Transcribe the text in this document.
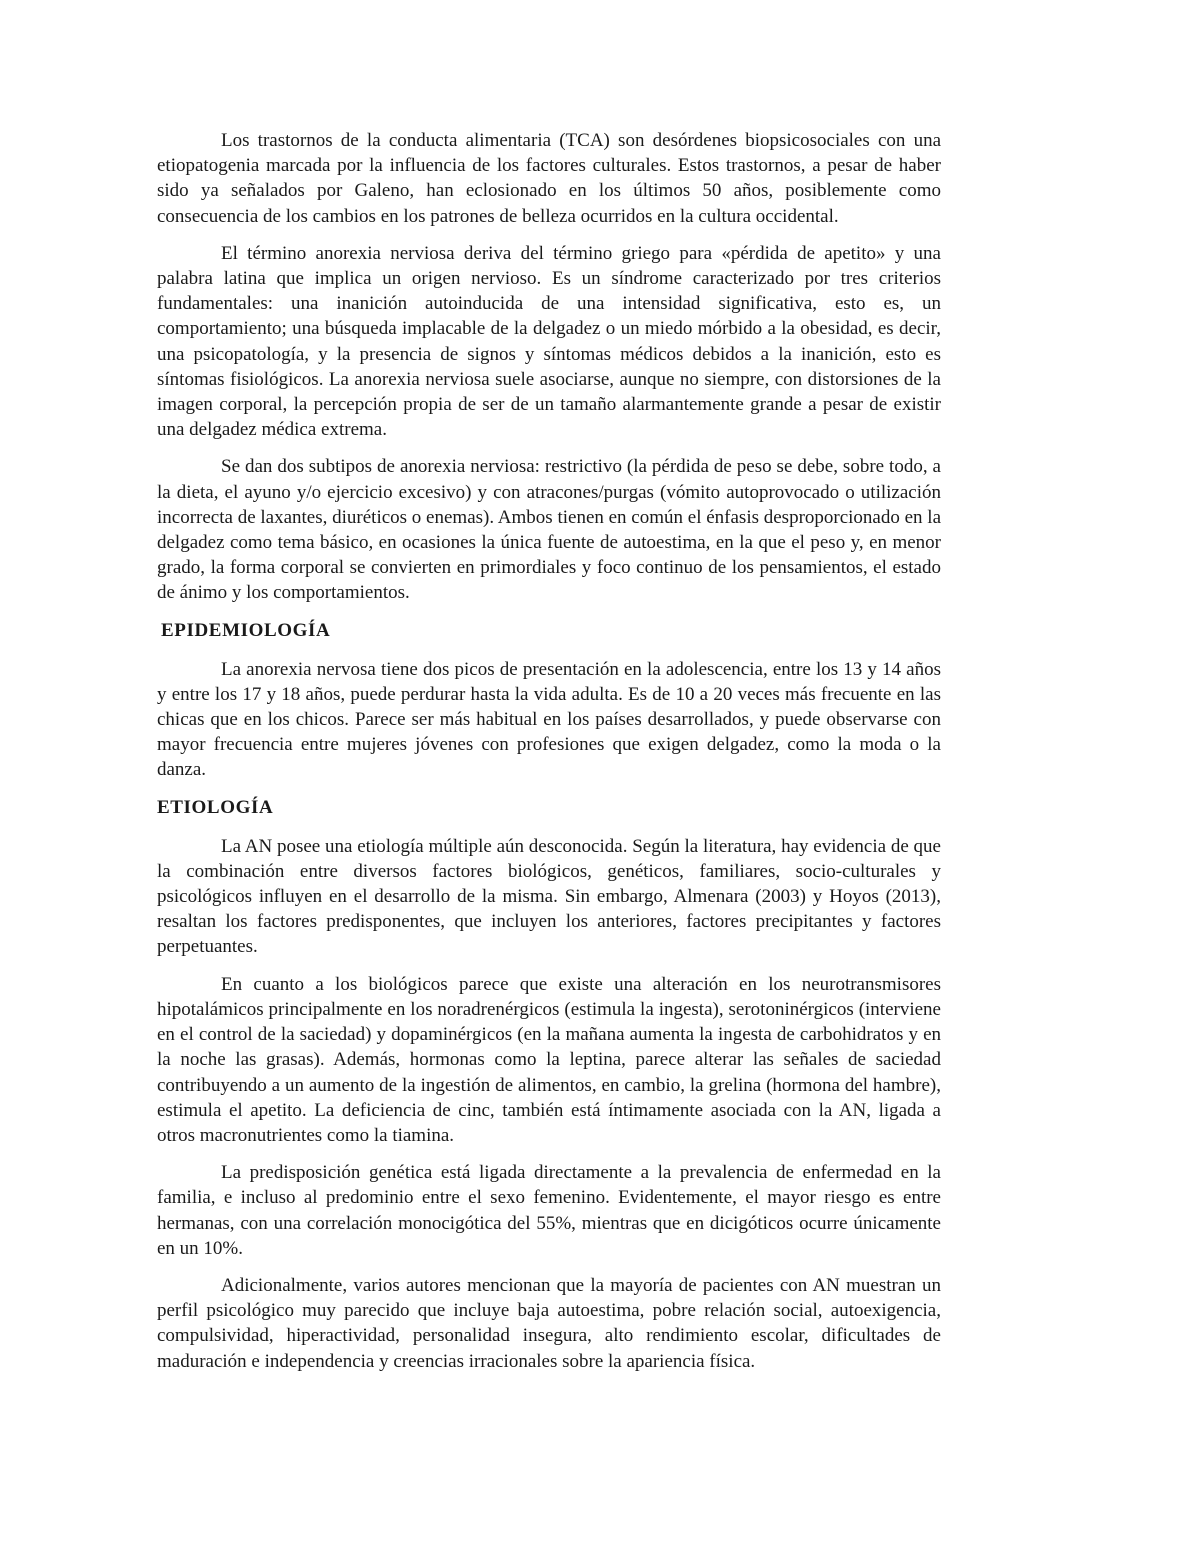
Los trastornos de la conducta alimentaria (TCA) son desórdenes biopsicosociales con una etiopatogenia marcada por la influencia de los factores culturales. Estos trastornos, a pesar de haber sido ya señalados por Galeno, han eclosionado en los últimos 50 años, posiblemente como consecuencia de los cambios en los patrones de belleza ocurridos en la cultura occidental.

El término anorexia nerviosa deriva del término griego para «pérdida de apetito» y una palabra latina que implica un origen nervioso. Es un síndrome caracterizado por tres criterios fundamentales: una inanición autoinducida de una intensidad significativa, esto es, un comportamiento; una búsqueda implacable de la delgadez o un miedo mórbido a la obesidad, es decir, una psicopatología, y la presencia de signos y síntomas médicos debidos a la inanición, esto es síntomas fisiológicos. La anorexia nerviosa suele asociarse, aunque no siempre, con distorsiones de la imagen corporal, la percepción propia de ser de un tamaño alarmantemente grande a pesar de existir una delgadez médica extrema.

Se dan dos subtipos de anorexia nerviosa: restrictivo (la pérdida de peso se debe, sobre todo, a la dieta, el ayuno y/o ejercicio excesivo) y con atracones/purgas (vómito autoprovocado o utilización incorrecta de laxantes, diuréticos o enemas). Ambos tienen en común el énfasis desproporcionado en la delgadez como tema básico, en ocasiones la única fuente de autoestima, en la que el peso y, en menor grado, la forma corporal se convierten en primordiales y foco continuo de los pensamientos, el estado de ánimo y los comportamientos.

EPIDEMIOLOGÍA

La anorexia nervosa tiene dos picos de presentación en la adolescencia, entre los 13 y 14 años y entre los 17 y 18 años, puede perdurar hasta la vida adulta. Es de 10 a 20 veces más frecuente en las chicas que en los chicos. Parece ser más habitual en los países desarrollados, y puede observarse con mayor frecuencia entre mujeres jóvenes con profesiones que exigen delgadez, como la moda o la danza.

ETIOLOGÍA

La AN posee una etiología múltiple aún desconocida. Según la literatura, hay evidencia de que la combinación entre diversos factores biológicos, genéticos, familiares, socio-culturales y psicológicos influyen en el desarrollo de la misma. Sin embargo, Almenara (2003) y Hoyos (2013), resaltan los factores predisponentes, que incluyen los anteriores, factores precipitantes y factores perpetuantes.

En cuanto a los biológicos parece que existe una alteración en los neurotransmisores hipotalámicos principalmente en los noradrenérgicos (estimula la ingesta), serotoninérgicos (interviene en el control de la saciedad) y dopaminérgicos (en la mañana aumenta la ingesta de carbohidratos y en la noche las grasas). Además, hormonas como la leptina, parece alterar las señales de saciedad contribuyendo a un aumento de la ingestión de alimentos, en cambio, la grelina (hormona del hambre), estimula el apetito. La deficiencia de cinc, también está íntimamente asociada con la AN, ligada a otros macronutrientes como la tiamina.

La predisposición genética está ligada directamente a la prevalencia de enfermedad en la familia, e incluso al predominio entre el sexo femenino. Evidentemente, el mayor riesgo es entre hermanas, con una correlación monocigótica del 55%, mientras que en dicigóticos ocurre únicamente en un 10%.

Adicionalmente, varios autores mencionan que la mayoría de pacientes con AN muestran un perfil psicológico muy parecido que incluye baja autoestima, pobre relación social, autoexigencia, compulsividad, hiperactividad, personalidad insegura, alto rendimiento escolar, dificultades de maduración e independencia y creencias irracionales sobre la apariencia física.
